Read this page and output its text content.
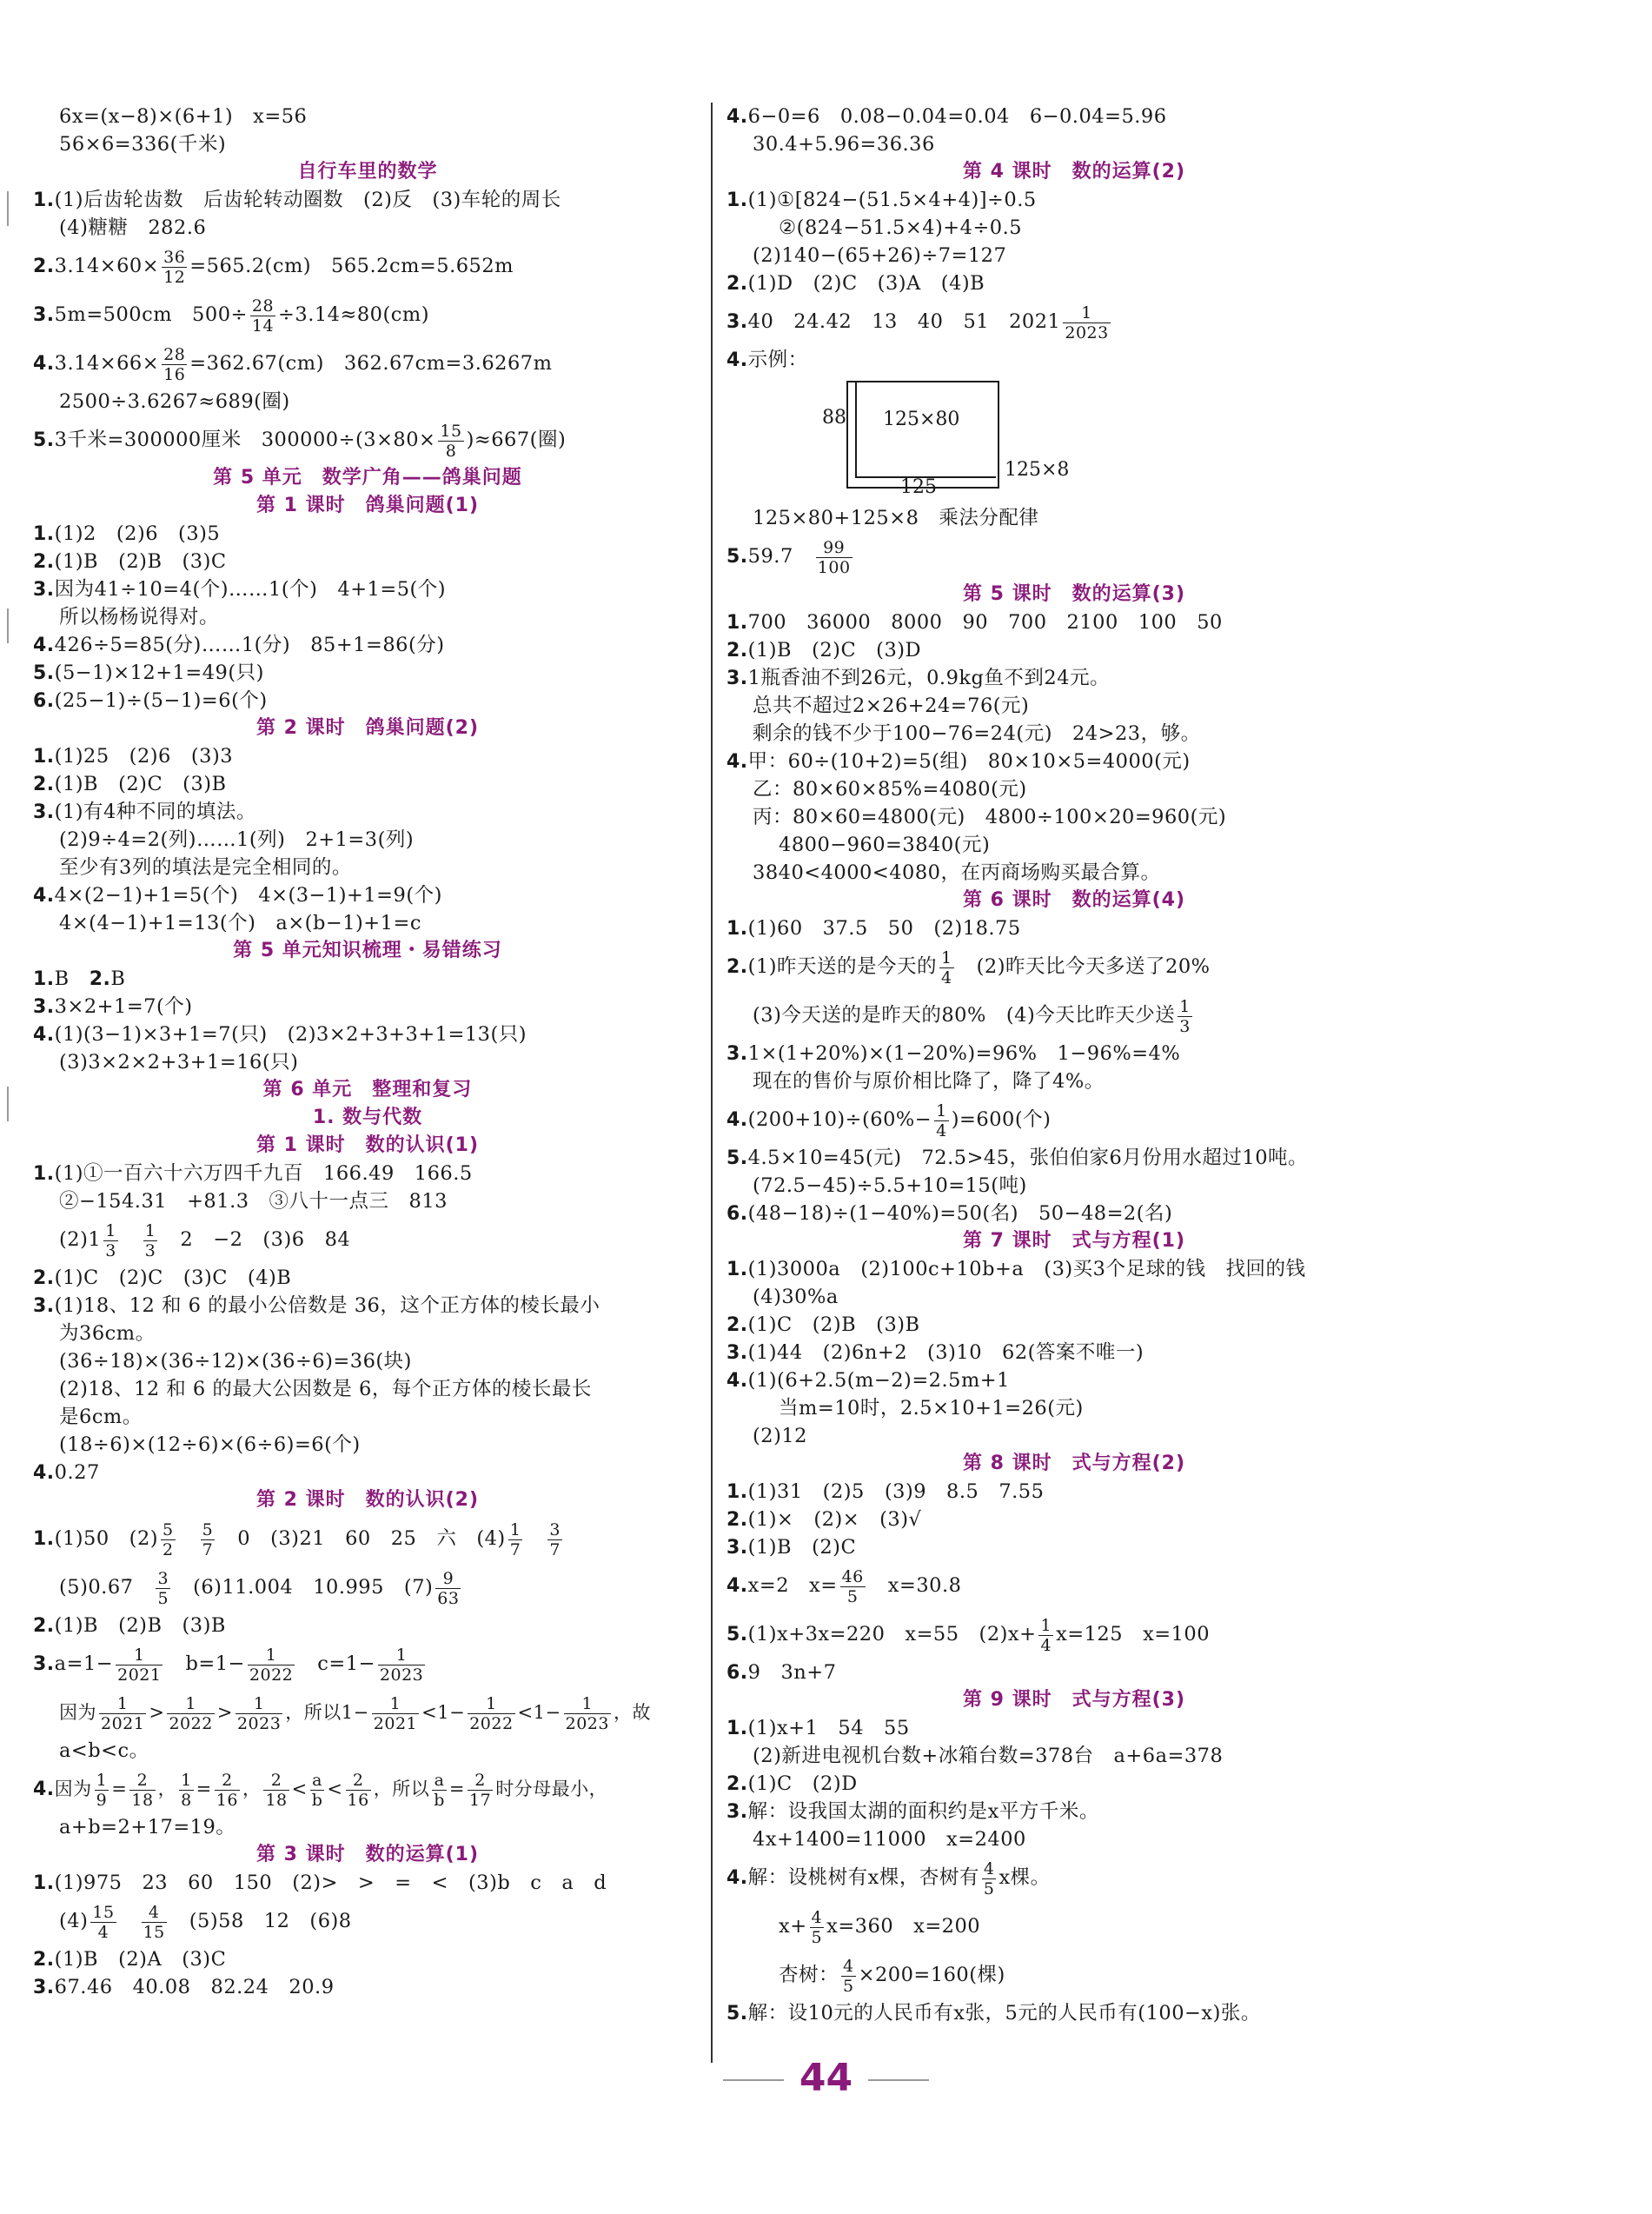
6x=(x−8)×(6+1)　x=56
56×6=336(千米)
自行车里的数学
1.(1)后齿轮齿数　后齿轮转动圈数　(2)反　(3)车轮的周长
(4)糖糖　282.6
$2.3.14\times 60\times \frac{36}{12} =565.2(cm)$　565.2cm=5.652m
3.5m=500cm　$500\div \frac{28}{14} \div 3.14\approx 80(cm)$
$4.3.14\times 66\times \frac{28}{16} =362.67(cm)$　362.67cm=3.6267m
2500÷3.6267≈689(圈)
5.3千米=300000厘米　$300000\div(3\times 80\times \frac{15}{8} )\approx 667$(圈)
第 5 单元　数学广角——鸽巢问题
第 1 课时　鸽巢问题(1)
1.(1)2　(2)6　(3)5
2.(1)B　(2)B　(3)C
3.因为41÷10=4(个)……1(个)　4+1=5(个)
所以杨杨说得对。
4.426÷5=85(分)……1(分)　85+1=86(分)
5.(5−1)×12+1=49(只)
6.(25−1)÷(5−1)=6(个)
第 2 课时　鸽巢问题(2)
1.(1)25　(2)6　(3)3
2.(1)B　(2)C　(3)B
3.(1)有4种不同的填法。
(2)9÷4=2(列)……1(列)　2+1=3(列)
至少有3列的填法是完全相同的。
4.4×(2−1)+1=5(个)　4×(3−1)+1=9(个)
4×(4−1)+1=13(个)　a×(b−1)+1=c
第 5 单元知识梳理・易错练习
1.B　 2.B
3.3×2+1=7(个)
4.(1)(3−1)×3+1=7(只)　(2)3×2+3+3+1=13(只)
(3)3×2×2+3+1=16(只)
第 6 单元　整理和复习
1. 数与代数
第 1 课时　数的认识(1)
1.(1)①一百六十六万四千九百　166.49　166.5
②−154.31　+81.3　③八十一点三　813
$(2)1 \frac{1}{3}$
　 $\frac{1}{3}$
　 2　−2　(3)6　84
2.(1)C　(2)C　(3)C　(4)B
3.(1)18、12 和 6 的最小公倍数是 36，这个正方体的棱长最小
为36cm。
(36÷18)×(36÷12)×(36÷6)=36(块)
(2)18、12 和 6 的最大公因数是 6，每个正方体的棱长最长
是6cm。
(18÷6)×(12÷6)×(6÷6)=6(个)
4.0.27
第 2 课时　数的认识(2)
1.(1)50　$(2) \frac{5}{2}$
　 $\frac{5}{7}$
　 0　(3)21　60　25　六　$(4) \frac{1}{7}$
　 $\frac{3}{7}$
(5)0.67̇　 $\frac{3}{5}$
　 (6)11.004　10.995　$(7) \frac{9}{63}$
2.(1)B　(2)B　(3)B
$3.a=1- \frac{1}{2021}$
　 $b=1- \frac{1}{2022}$
　 $c=1- \frac{1}{2023}$
因为 $\frac{1}{2021} > \frac{1}{2022} > \frac{1}{2023}$ ，所以$1- \frac{1}{2021} <1- \frac{1}{2022} <1- \frac{1}{2023}$ ，故
a<b<c。
4.因为 $\frac{1}{9} = \frac{2}{18}$ ， $\frac{1}{8} = \frac{2}{16}$ ， $\frac{2}{18} < \frac{a}{b} < \frac{2}{16}$ ，所以 $\frac{a}{b} = \frac{2}{17}$ 时分母最小，
a+b=2+17=19。
第 3 课时　数的运算(1)
1.(1)975　23　60　150　(2)>　>　=　<　(3)b　c　a　d
$(4) \frac{15}{4}$
　 $\frac{4}{15}$
　 (5)58　12　(6)8
2.(1)B　(2)A　(3)C
3.67.46　40.08　82.24　20.9
4.6−0=6　0.08−0.04=0.04　6−0.04=5.96
30.4+5.96=36.36
第 4 课时　数的运算(2)
1.(1)①[824−(51.5×4+4)]÷0.5
②(824−51.5×4)+4÷0.5
(2)140−(65+26)÷7=127
2.(1)D　(2)C　(3)A　(4)B
3.40　24.42　13　40　51　$2021 \frac{1}{2023}$
4.示例：
88 125×80
125
125×8
125×80+125×8　乘法分配律
5.59.7　 $\frac{99}{100}$
第 5 课时　数的运算(3)
1.700　36000　8000　90　700　2100　100　50
2.(1)B　(2)C　(3)D
3.1瓶香油不到26元，0.9kg鱼不到24元。
总共不超过2×26+24=76(元)
剩余的钱不少于100−76=24(元)　24>23，够。
4.甲：60÷(10+2)=5(组)　80×10×5=4000(元)
乙：80×60×85%=4080(元)
丙：80×60=4800(元)　4800÷100×20=960(元)
4800−960=3840(元)
3840<4000<4080，在丙商场购买最合算。
第 6 课时　数的运算(4)
1.(1)60　37.5　50　(2)18.75
2.(1)昨天送的是今天的 $\frac{1}{4}$
　 (2)昨天比今天多送了20%
(3)今天送的是昨天的80%　(4)今天比昨天少送 $\frac{1}{3}$
3.1×(1+20%)×(1−20%)=96%　1−96%=4%
现在的售价与原价相比降了，降了4%。
$4.(200+10)\div(60\%- \frac{1}{4} )=600$(个)
5.4.5×10=45(元)　72.5>45，张伯伯家6月份用水超过10吨。
(72.5−45)÷5.5+10=15(吨)
6.(48−18)÷(1−40%)=50(名)　50−48=2(名)
第 7 课时　式与方程(1)
1.(1)3000a　(2)100c+10b+a　(3)买3个足球的钱　找回的钱
(4)30%a
2.(1)C　(2)B　(3)B
3.(1)44　(2)6n+2　(3)10　62(答案不唯一)
4.(1)(6+2.5(m−2)=2.5m+1
当m=10时，2.5×10+1=26(元)
(2)12
第 8 课时　式与方程(2)
1.(1)31　(2)5　(3)9　8.5　7.55
2.(1)×　(2)×　(3)√
3.(1)B　(2)C
4.x=2　$x= \frac{46}{5}$
　 x=30.8
5.(1)x+3x=220　x=55　$(2)x+ \frac{1}{4} x=125$　x=100
6.9　3n+7
第 9 课时　式与方程(3)
1.(1)x+1　54　55
(2)新进电视机台数+冰箱台数=378台　a+6a=378
2.(1)C　(2)D
3.解：设我国太湖的面积约是x平方千米。
4x+1400=11000　x=2400
4.解：设桃树有x棵，杏树有 $\frac{4}{5}$ x棵。
$x+ \frac{4}{5} x=360$　x=200
杏树： $\frac{4}{5} \times 200=160$(棵)
5.解：设10元的人民币有x张，5元的人民币有(100−x)张。
44
